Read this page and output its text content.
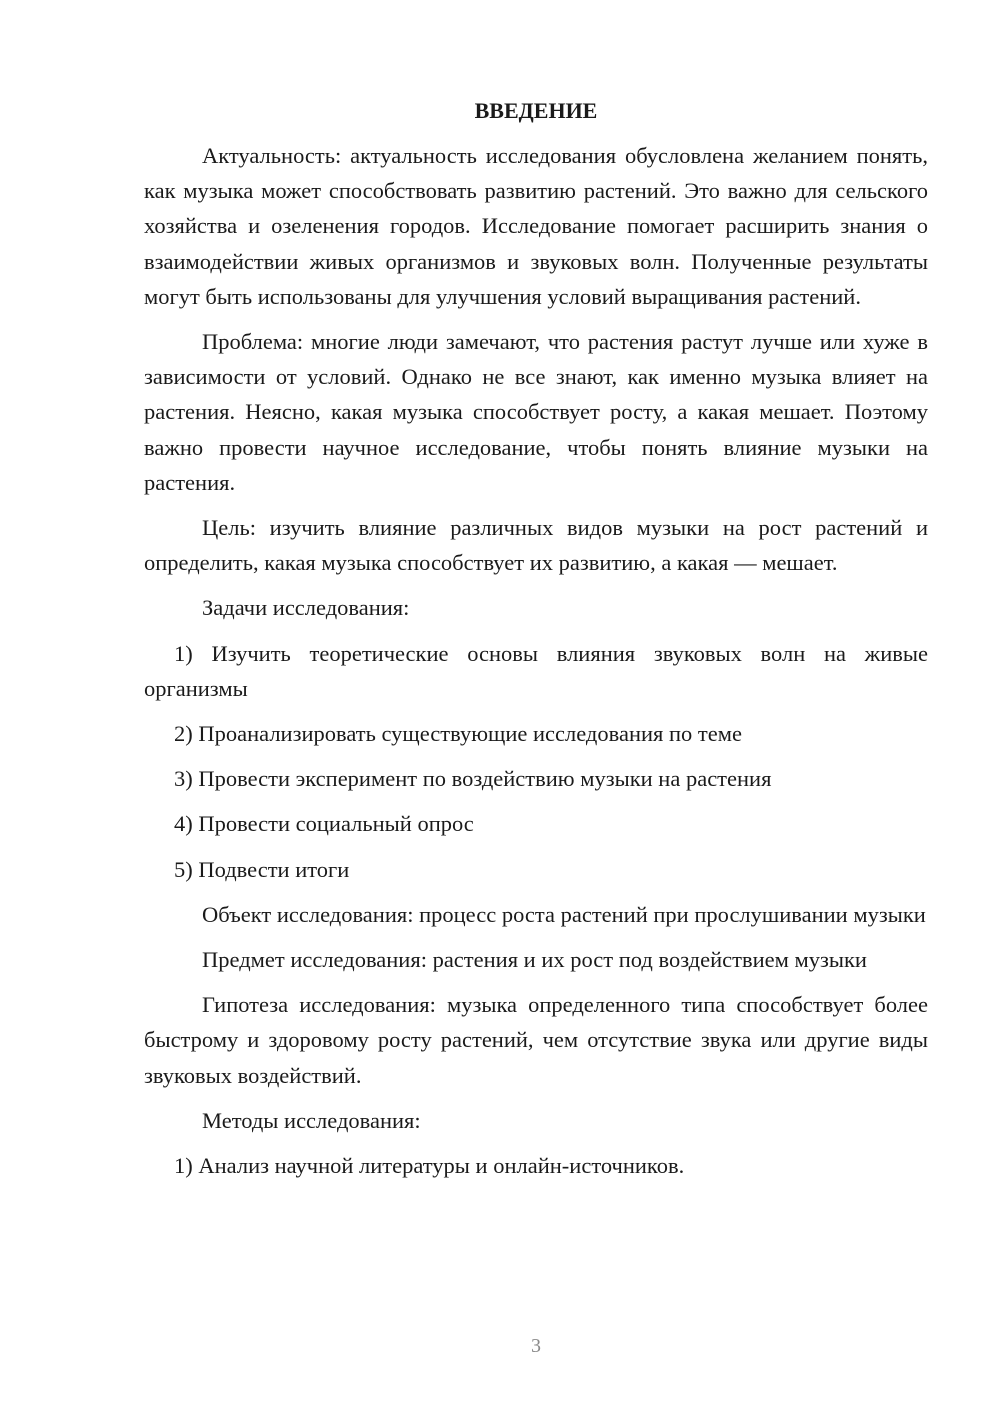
ВВЕДЕНИЕ

Актуальность: актуальность исследования обусловлена желанием понять, как музыка может способствовать развитию растений. Это важно для сельского хозяйства и озеленения городов. Исследование помогает расширить знания о взаимодействии живых организмов и звуковых волн. Полученные результаты могут быть использованы для улучшения условий выращивания растений.

Проблема: многие люди замечают, что растения растут лучше или хуже в зависимости от условий. Однако не все знают, как именно музыка влияет на растения. Неясно, какая музыка способствует росту, а какая мешает. Поэтому важно провести научное исследование, чтобы понять влияние музыки на растения.

Цель: изучить влияние различных видов музыки на рост растений и определить, какая музыка способствует их развитию, а какая — мешает.

Задачи исследования:

1) Изучить теоретические основы влияния звуковых волн на живые организмы

2) Проанализировать существующие исследования по теме

3) Провести эксперимент по воздействию музыки на растения

4) Провести социальный опрос

5) Подвести итоги

Объект исследования: процесс роста растений при прослушивании музыки

Предмет исследования: растения и их рост под воздействием музыки

Гипотеза исследования: музыка определенного типа способствует более быстрому и здоровому росту растений, чем отсутствие звука или другие виды звуковых воздействий.

Методы исследования:

1) Анализ научной литературы и онлайн-источников.

3
